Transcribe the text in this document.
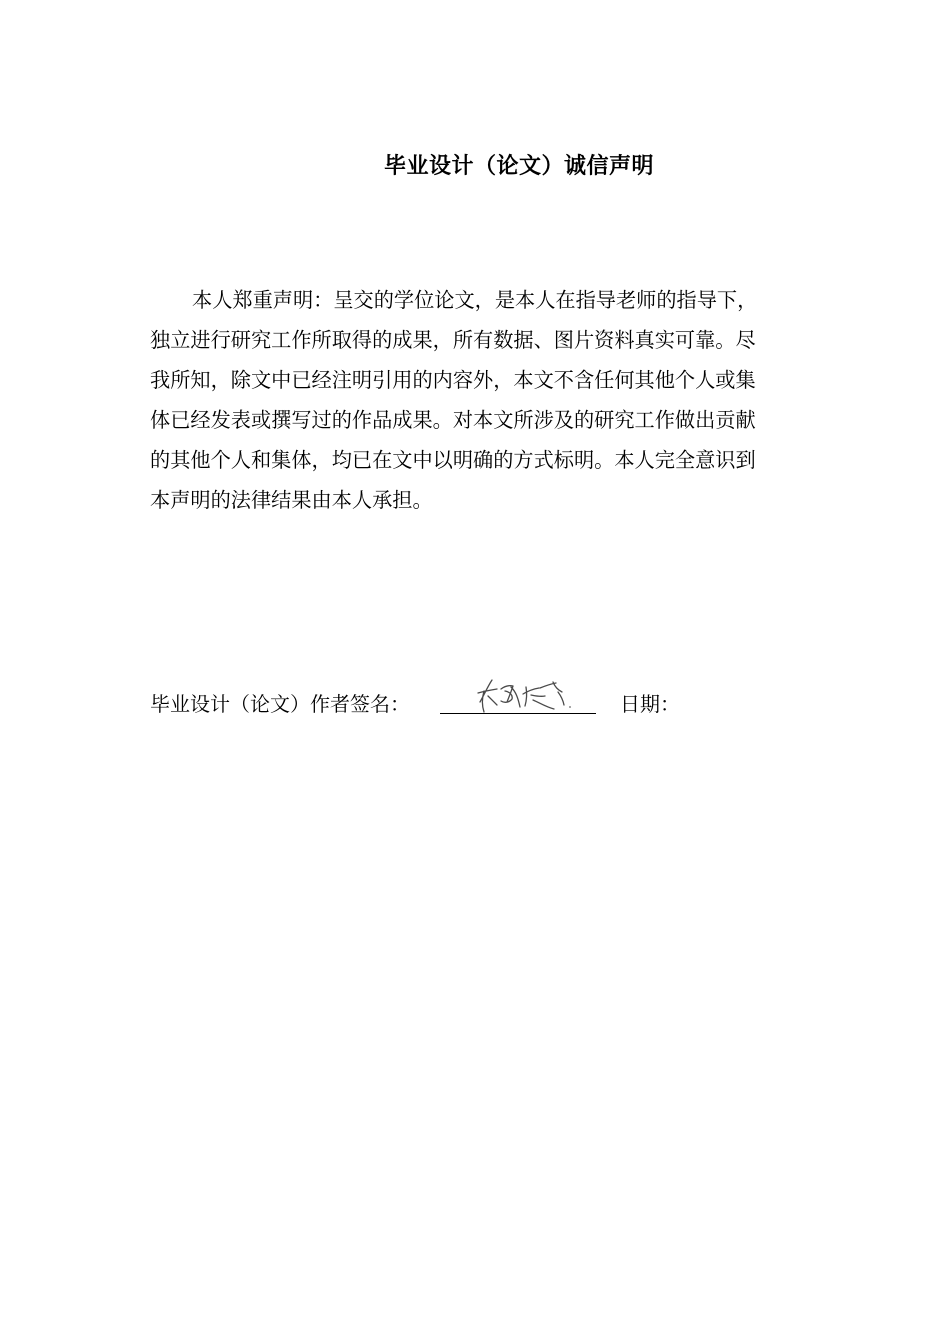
毕业设计（论文）诚信声明
本人郑重声明：呈交的学位论文，是本人在指导老师的指导下，
独立进行研究工作所取得的成果，所有数据、图片资料真实可靠。尽
我所知，除文中已经注明引用的内容外，本文不含任何其他个人或集
体已经发表或撰写过的作品成果。对本文所涉及的研究工作做出贡献
的其他个人和集体，均已在文中以明确的方式标明。本人完全意识到
本声明的法律结果由本人承担。
毕业设计（论文）作者签名：	日期：
